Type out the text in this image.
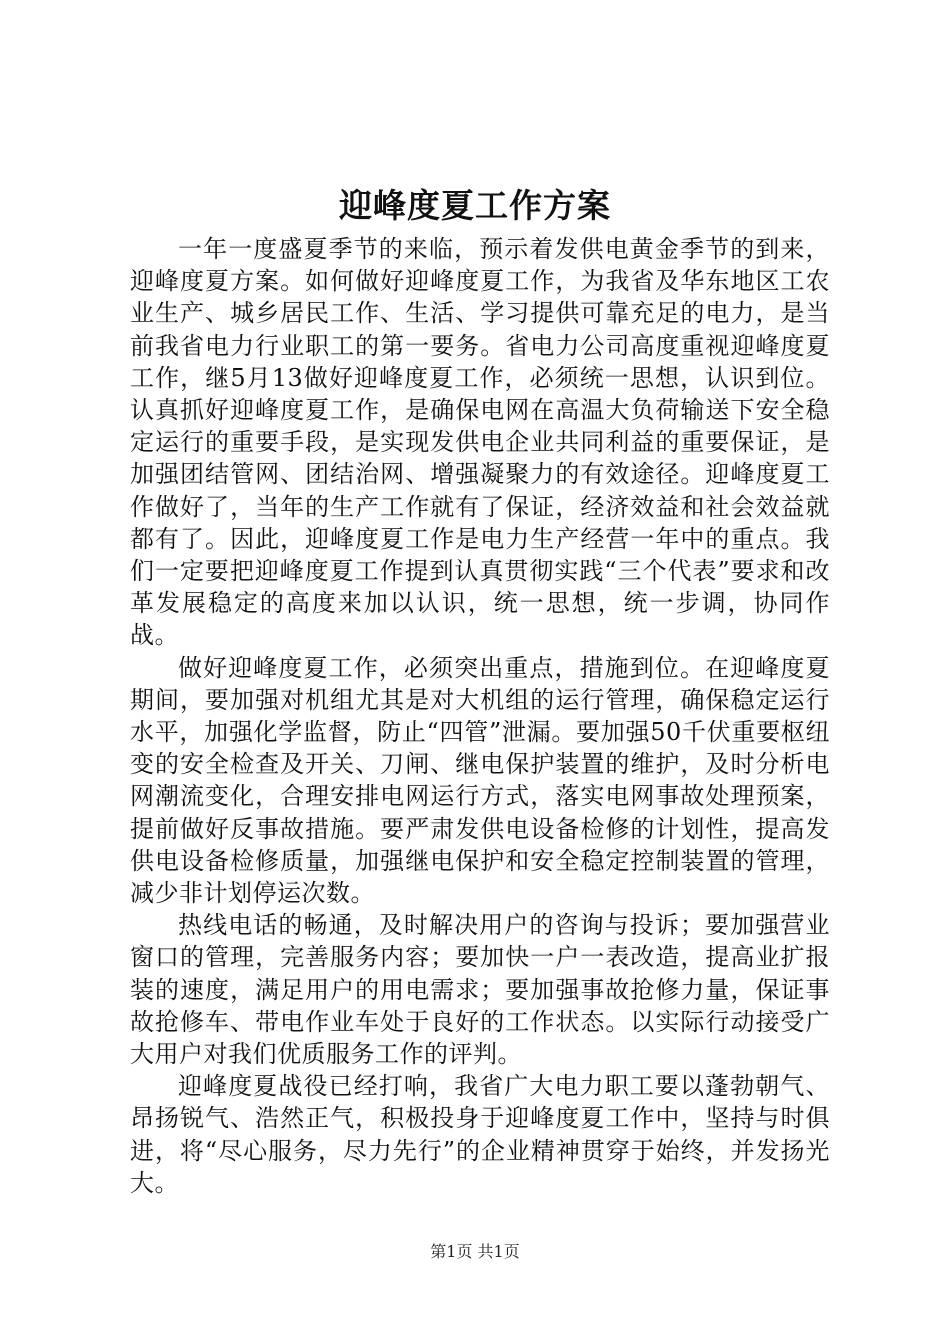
迎峰度夏工作方案

一年一度盛夏季节的来临，预示着发供电黄金季节的到来，迎峰度夏方案。如何做好迎峰度夏工作，为我省及华东地区工农业生产、城乡居民工作、生活、学习提供可靠充足的电力，是当前我省电力行业职工的第一要务。省电力公司高度重视迎峰度夏工作，继5月13做好迎峰度夏工作，必须统一思想，认识到位。认真抓好迎峰度夏工作，是确保电网在高温大负荷输送下安全稳定运行的重要手段，是实现发供电企业共同利益的重要保证，是加强团结管网、团结治网、增强凝聚力的有效途径。迎峰度夏工作做好了，当年的生产工作就有了保证，经济效益和社会效益就都有了。因此，迎峰度夏工作是电力生产经营一年中的重点。我们一定要把迎峰度夏工作提到认真贯彻实践“三个代表”要求和改革发展稳定的高度来加以认识，统一思想，统一步调，协同作战。

做好迎峰度夏工作，必须突出重点，措施到位。在迎峰度夏期间，要加强对机组尤其是对大机组的运行管理，确保稳定运行水平，加强化学监督，防止“四管”泄漏。要加强50千伏重要枢纽变的安全检查及开关、刀闸、继电保护装置的维护，及时分析电网潮流变化，合理安排电网运行方式，落实电网事故处理预案，提前做好反事故措施。要严肃发供电设备检修的计划性，提高发供电设备检修质量，加强继电保护和安全稳定控制装置的管理，减少非计划停运次数。

热线电话的畅通，及时解决用户的咨询与投诉；要加强营业窗口的管理，完善服务内容；要加快一户一表改造，提高业扩报装的速度，满足用户的用电需求；要加强事故抢修力量，保证事故抢修车、带电作业车处于良好的工作状态。以实际行动接受广大用户对我们优质服务工作的评判。

迎峰度夏战役已经打响，我省广大电力职工要以蓬勃朝气、昂扬锐气、浩然正气，积极投身于迎峰度夏工作中，坚持与时俱进，将“尽心服务，尽力先行”的企业精神贯穿于始终，并发扬光大。

第1页 共1页
